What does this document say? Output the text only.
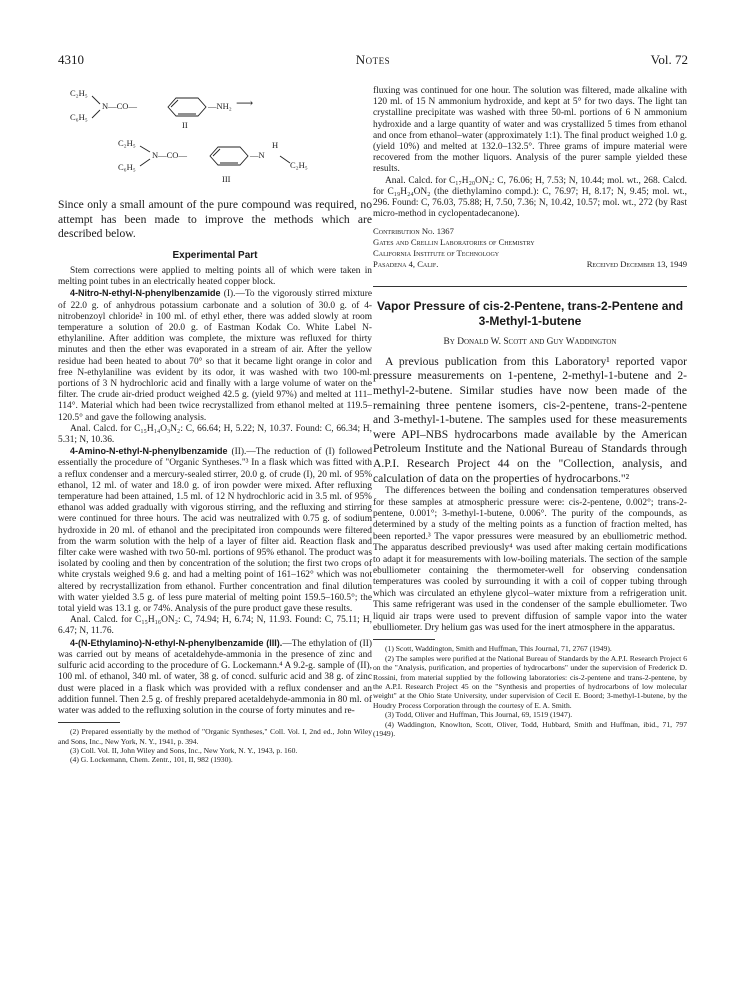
4310	Notes	Vol. 72
C₂H₅
C₆H₅
N—CO—	—NH₂ ⟶
II
C₂H₅
C₆H₅
N—CO—	—N
H
C₂H₅
III

Since only a small amount of the pure compound was required, no attempt has been made to improve the methods which are described below.

Experimental Part

Stem corrections were applied to melting points all of which were taken in melting point tubes in an electrically heated copper block.

4-Nitro-N-ethyl-N-phenylbenzamide (I).—To the vigorously stirred mixture of 22.0 g. of anhydrous potassium carbonate and a solution of 30.0 g. of 4-nitrobenzoyl chloride² in 100 ml. of ethyl ether, there was added slowly at room temperature a solution of 20.0 g. of Eastman Kodak Co. White Label N-ethylaniline. After addition was complete, the mixture was refluxed for thirty minutes and then the ether was evaporated in a stream of air. After the yellow residue had been heated to about 70° so that it became light orange in color and free N-ethylaniline was evident by its odor, it was washed with two 100-ml. portions of 3 N hydrochloric acid and finally with a large volume of water on the filter. The crude air-dried product weighed 42.5 g. (yield 97%) and melted at 111–114°. Material which had been twice recrystallized from ethanol melted at 119.5–120.5° and gave the following analysis.

Anal. Calcd. for C₁₅H₁₄O₃N₂: C, 66.64; H, 5.22; N, 10.37. Found: C, 66.34; H, 5.31; N, 10.36.

4-Amino-N-ethyl-N-phenylbenzamide (II).—The reduction of (I) followed essentially the procedure of "Organic Syntheses."³ In a flask which was fitted with a reflux condenser and a mercury-sealed stirrer, 20.0 g. of crude (I), 20 ml. of 95% ethanol, 12 ml. of water and 18.0 g. of iron powder were mixed. After refluxing temperature had been attained, 1.5 ml. of 12 N hydrochloric acid in 3.5 ml. of 95% ethanol was added gradually with vigorous stirring, and the refluxing and stirring were continued for three hours. The acid was neutralized with 0.75 g. of sodium hydroxide in 20 ml. of ethanol and the precipitated iron compounds were filtered from the warm solution with the help of a layer of filter aid. Reaction flask and filter cake were washed with two 50-ml. portions of 95% ethanol. The product was isolated by cooling and then by concentration of the solution; the first two crops of white crystals weighed 9.6 g. and had a melting point of 161–162° which was not altered by recrystallization from ethanol. Further concentration and final dilution with water yielded 3.5 g. of less pure material of melting point 159.5–160.5°; the total yield was 13.1 g. or 74%. Analysis of the pure product gave these results.

Anal. Calcd. for C₁₅H₁₆ON₂: C, 74.94; H, 6.74; N, 11.93. Found: C, 75.11; H, 6.47; N, 11.76.

4-(N-Ethylamino)-N-ethyl-N-phenylbenzamide (III).—The ethylation of (II) was carried out by means of acetaldehyde-ammonia in the presence of zinc and sulfuric acid according to the procedure of G. Lockemann.⁴ A 9.2-g. sample of (II), 100 ml. of ethanol, 340 ml. of water, 38 g. of concd. sulfuric acid and 38 g. of zinc dust were placed in a flask which was provided with a reflux condenser and an addition funnel. Then 2.5 g. of freshly prepared acetaldehyde-ammonia in 80 ml. of water was added to the refluxing solution in the course of forty minutes and re-

(2) Prepared essentially by the method of "Organic Syntheses," Coll. Vol. I, 2nd ed., John Wiley and Sons, Inc., New York, N. Y., 1941, p. 394.

(3) Coll. Vol. II, John Wiley and Sons, Inc., New York, N. Y., 1943, p. 160.

(4) G. Lockemann, Chem. Zentr., 101, II, 982 (1930).

fluxing was continued for one hour. The solution was filtered, made alkaline with 120 ml. of 15 N ammonium hydroxide, and kept at 5° for two days. The light tan crystalline precipitate was washed with three 50-ml. portions of 6 N ammonium hydroxide and a large quantity of water and was crystallized 5 times from ethanol and once from ethanol–water (approximately 1:1). The final product weighed 1.0 g. (yield 10%) and melted at 132.0–132.5°. Three grams of impure material were recovered from the mother liquors. Analysis of the purer sample yielded these results.

Anal. Calcd. for C₁₇H₂₀ON₂: C, 76.06; H, 7.53; N, 10.44; mol. wt., 268. Calcd. for C₁₉H₂₄ON₂ (the diethylamino compd.): C, 76.97; H, 8.17; N, 9.45; mol. wt., 296. Found: C, 76.03, 75.88; H, 7.50, 7.36; N, 10.42, 10.57; mol. wt., 272 (by Rast micro-method in cyclopentadecanone).

Contribution No. 1367
Gates and Crellin Laboratories of Chemistry
California Institute of Technology
Pasadena 4, Calif.	Received December 13, 1949
Vapor Pressure of cis-2-Pentene, trans-2-Pentene and 3-Methyl-1-butene
By Donald W. Scott and Guy Waddington

A previous publication from this Laboratory¹ reported vapor pressure measurements on 1-pentene, 2-methyl-1-butene and 2-methyl-2-butene. Similar studies have now been made of the remaining three pentene isomers, cis-2-pentene, trans-2-pentene and 3-methyl-1-butene. The samples used for these measurements were API–NBS hydrocarbons made available by the American Petroleum Institute and the National Bureau of Standards through A.P.I. Research Project 44 on the "Collection, analysis, and calculation of data on the properties of hydrocarbons."²

The differences between the boiling and condensation temperatures observed for these samples at atmospheric pressure were: cis-2-pentene, 0.002°; trans-2-pentene, 0.001°; 3-methyl-1-butene, 0.006°. The purity of the compounds, as determined by a study of the melting points as a function of fraction melted, has been reported.³ The vapor pressures were measured by an ebulliometric method. The apparatus described previously⁴ was used after making certain modifications to adapt it for measurements with low-boiling materials. The section of the sample ebulliometer containing the thermometer-well for observing condensation temperatures was cooled by surrounding it with a coil of copper tubing through which was circulated an ethylene glycol–water mixture from a refrigeration unit. This same refrigerant was used in the condenser of the sample ebulliometer. Two liquid air traps were used to prevent diffusion of sample vapor into the water ebulliometer. Dry helium gas was used for the inert atmosphere in the apparatus.

(1) Scott, Waddington, Smith and Huffman, This Journal, 71, 2767 (1949).

(2) The samples were purified at the National Bureau of Standards by the A.P.I. Research Project 6 on the "Analysis, purification, and properties of hydrocarbons" under the supervision of Frederick D. Rossini, from material supplied by the following laboratories: cis-2-pentene and trans-2-pentene, by the A.P.I. Research Project 45 on the "Synthesis and properties of hydrocarbons of low molecular weight" at the Ohio State University, under supervision of Cecil E. Boord; 3-methyl-1-butene, by the Houdry Process Corporation through the courtesy of E. A. Smith.

(3) Todd, Oliver and Huffman, This Journal, 69, 1519 (1947).

(4) Waddington, Knowlton, Scott, Oliver, Todd, Hubbard, Smith and Huffman, ibid., 71, 797 (1949).
